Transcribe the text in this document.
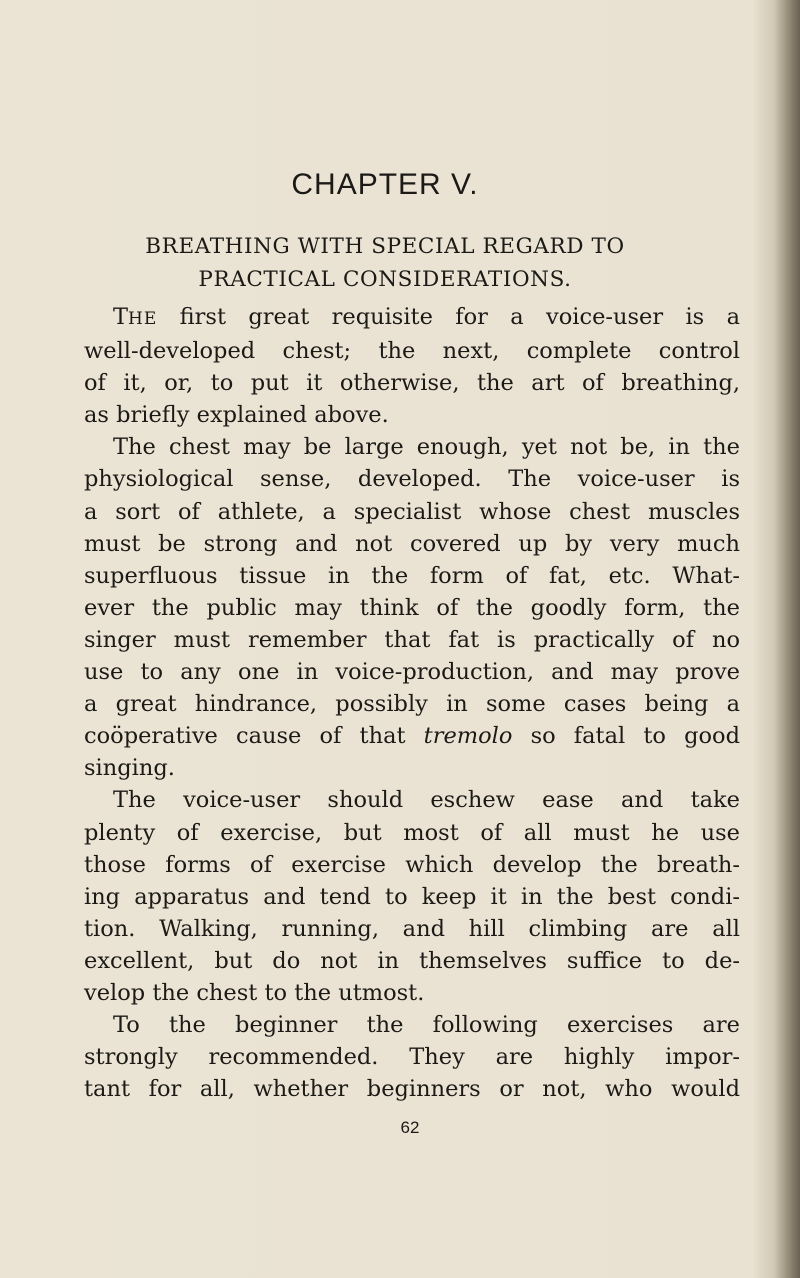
CHAPTER V.
BREATHING WITH SPECIAL REGARD TO
PRACTICAL CONSIDERATIONS.
THE first great requisite for a voice-user is a
well-developed chest; the next, complete control
of it, or, to put it otherwise, the art of breathing,
as briefly explained above.
The chest may be large enough, yet not be, in the
physiological sense, developed. The voice-user is
a sort of athlete, a specialist whose chest muscles
must be strong and not covered up by very much
superfluous tissue in the form of fat, etc. What-
ever the public may think of the goodly form, the
singer must remember that fat is practically of no
use to any one in voice-production, and may prove
a great hindrance, possibly in some cases being a
coöperative cause of that tremolo so fatal to good
singing.
The voice-user should eschew ease and take
plenty of exercise, but most of all must he use
those forms of exercise which develop the breath-
ing apparatus and tend to keep it in the best condi-
tion. Walking, running, and hill climbing are all
excellent, but do not in themselves suffice to de-
velop the chest to the utmost.
To the beginner the following exercises are
strongly recommended. They are highly impor-
tant for all, whether beginners or not, who would
62
